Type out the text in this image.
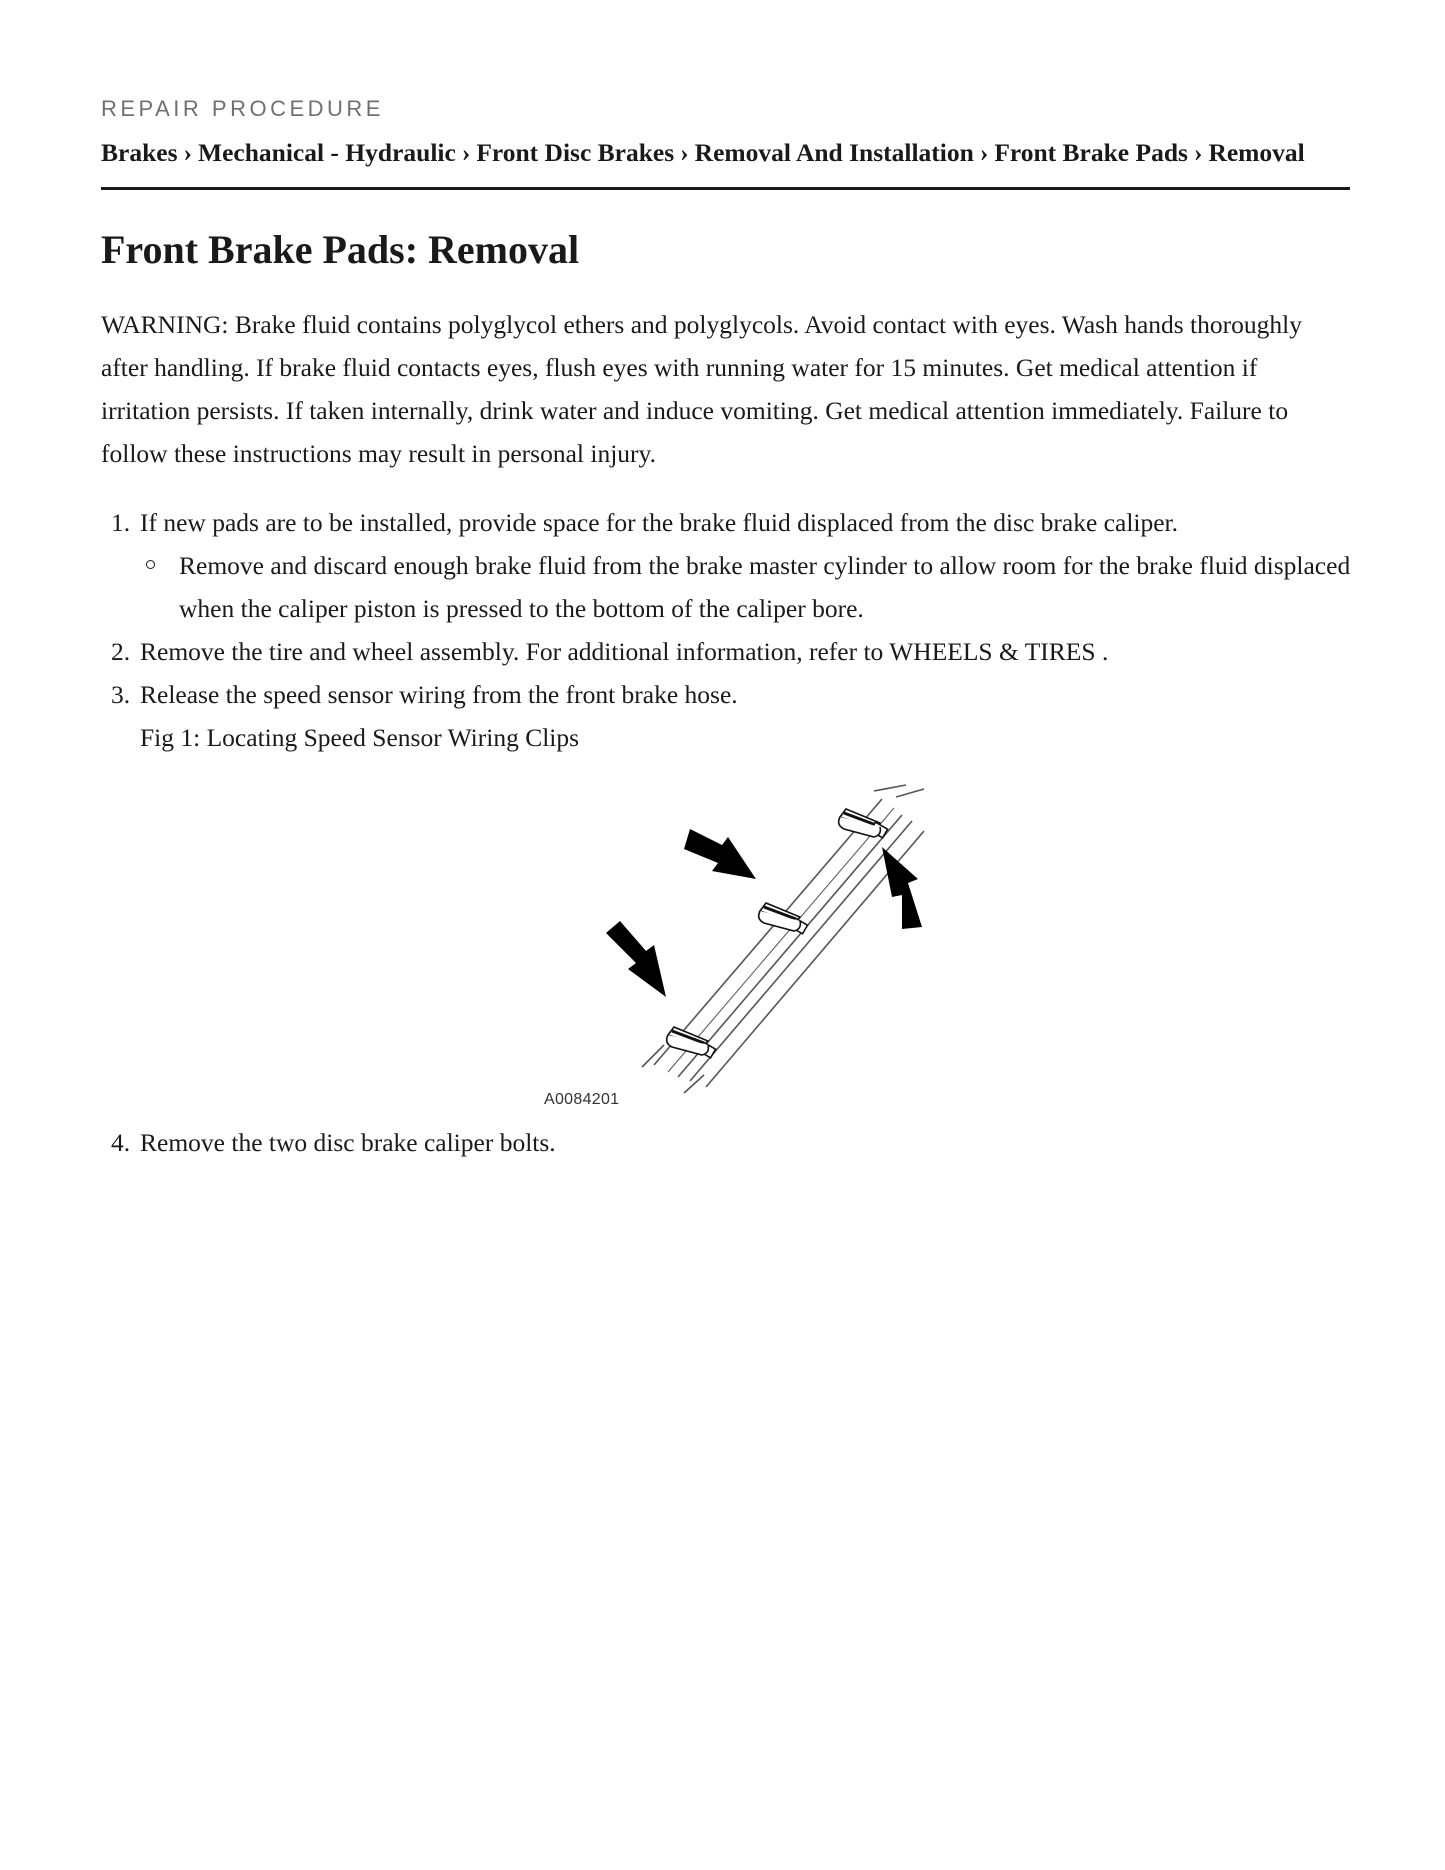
REPAIR PROCEDURE
Brakes › Mechanical - Hydraulic › Front Disc Brakes › Removal And Installation › Front Brake Pads › Removal
Front Brake Pads: Removal

WARNING: Brake fluid contains polyglycol ethers and polyglycols. Avoid contact with eyes. Wash hands thoroughly after handling. If brake fluid contacts eyes, flush eyes with running water for 15 minutes. Get medical attention if irritation persists. If taken internally, drink water and induce vomiting. Get medical attention immediately. Failure to follow these instructions may result in personal injury.

1. If new pads are to be installed, provide space for the brake fluid displaced from the disc brake caliper.
Remove and discard enough brake fluid from the brake master cylinder to allow room for the brake fluid displaced when the caliper piston is pressed to the bottom of the caliper bore.
2. Remove the tire and wheel assembly. For additional information, refer to WHEELS & TIRES .
3. Release the speed sensor wiring from the front brake hose.
Fig 1: Locating Speed Sensor Wiring Clips
A0084201
4. Remove the two disc brake caliper bolts.
